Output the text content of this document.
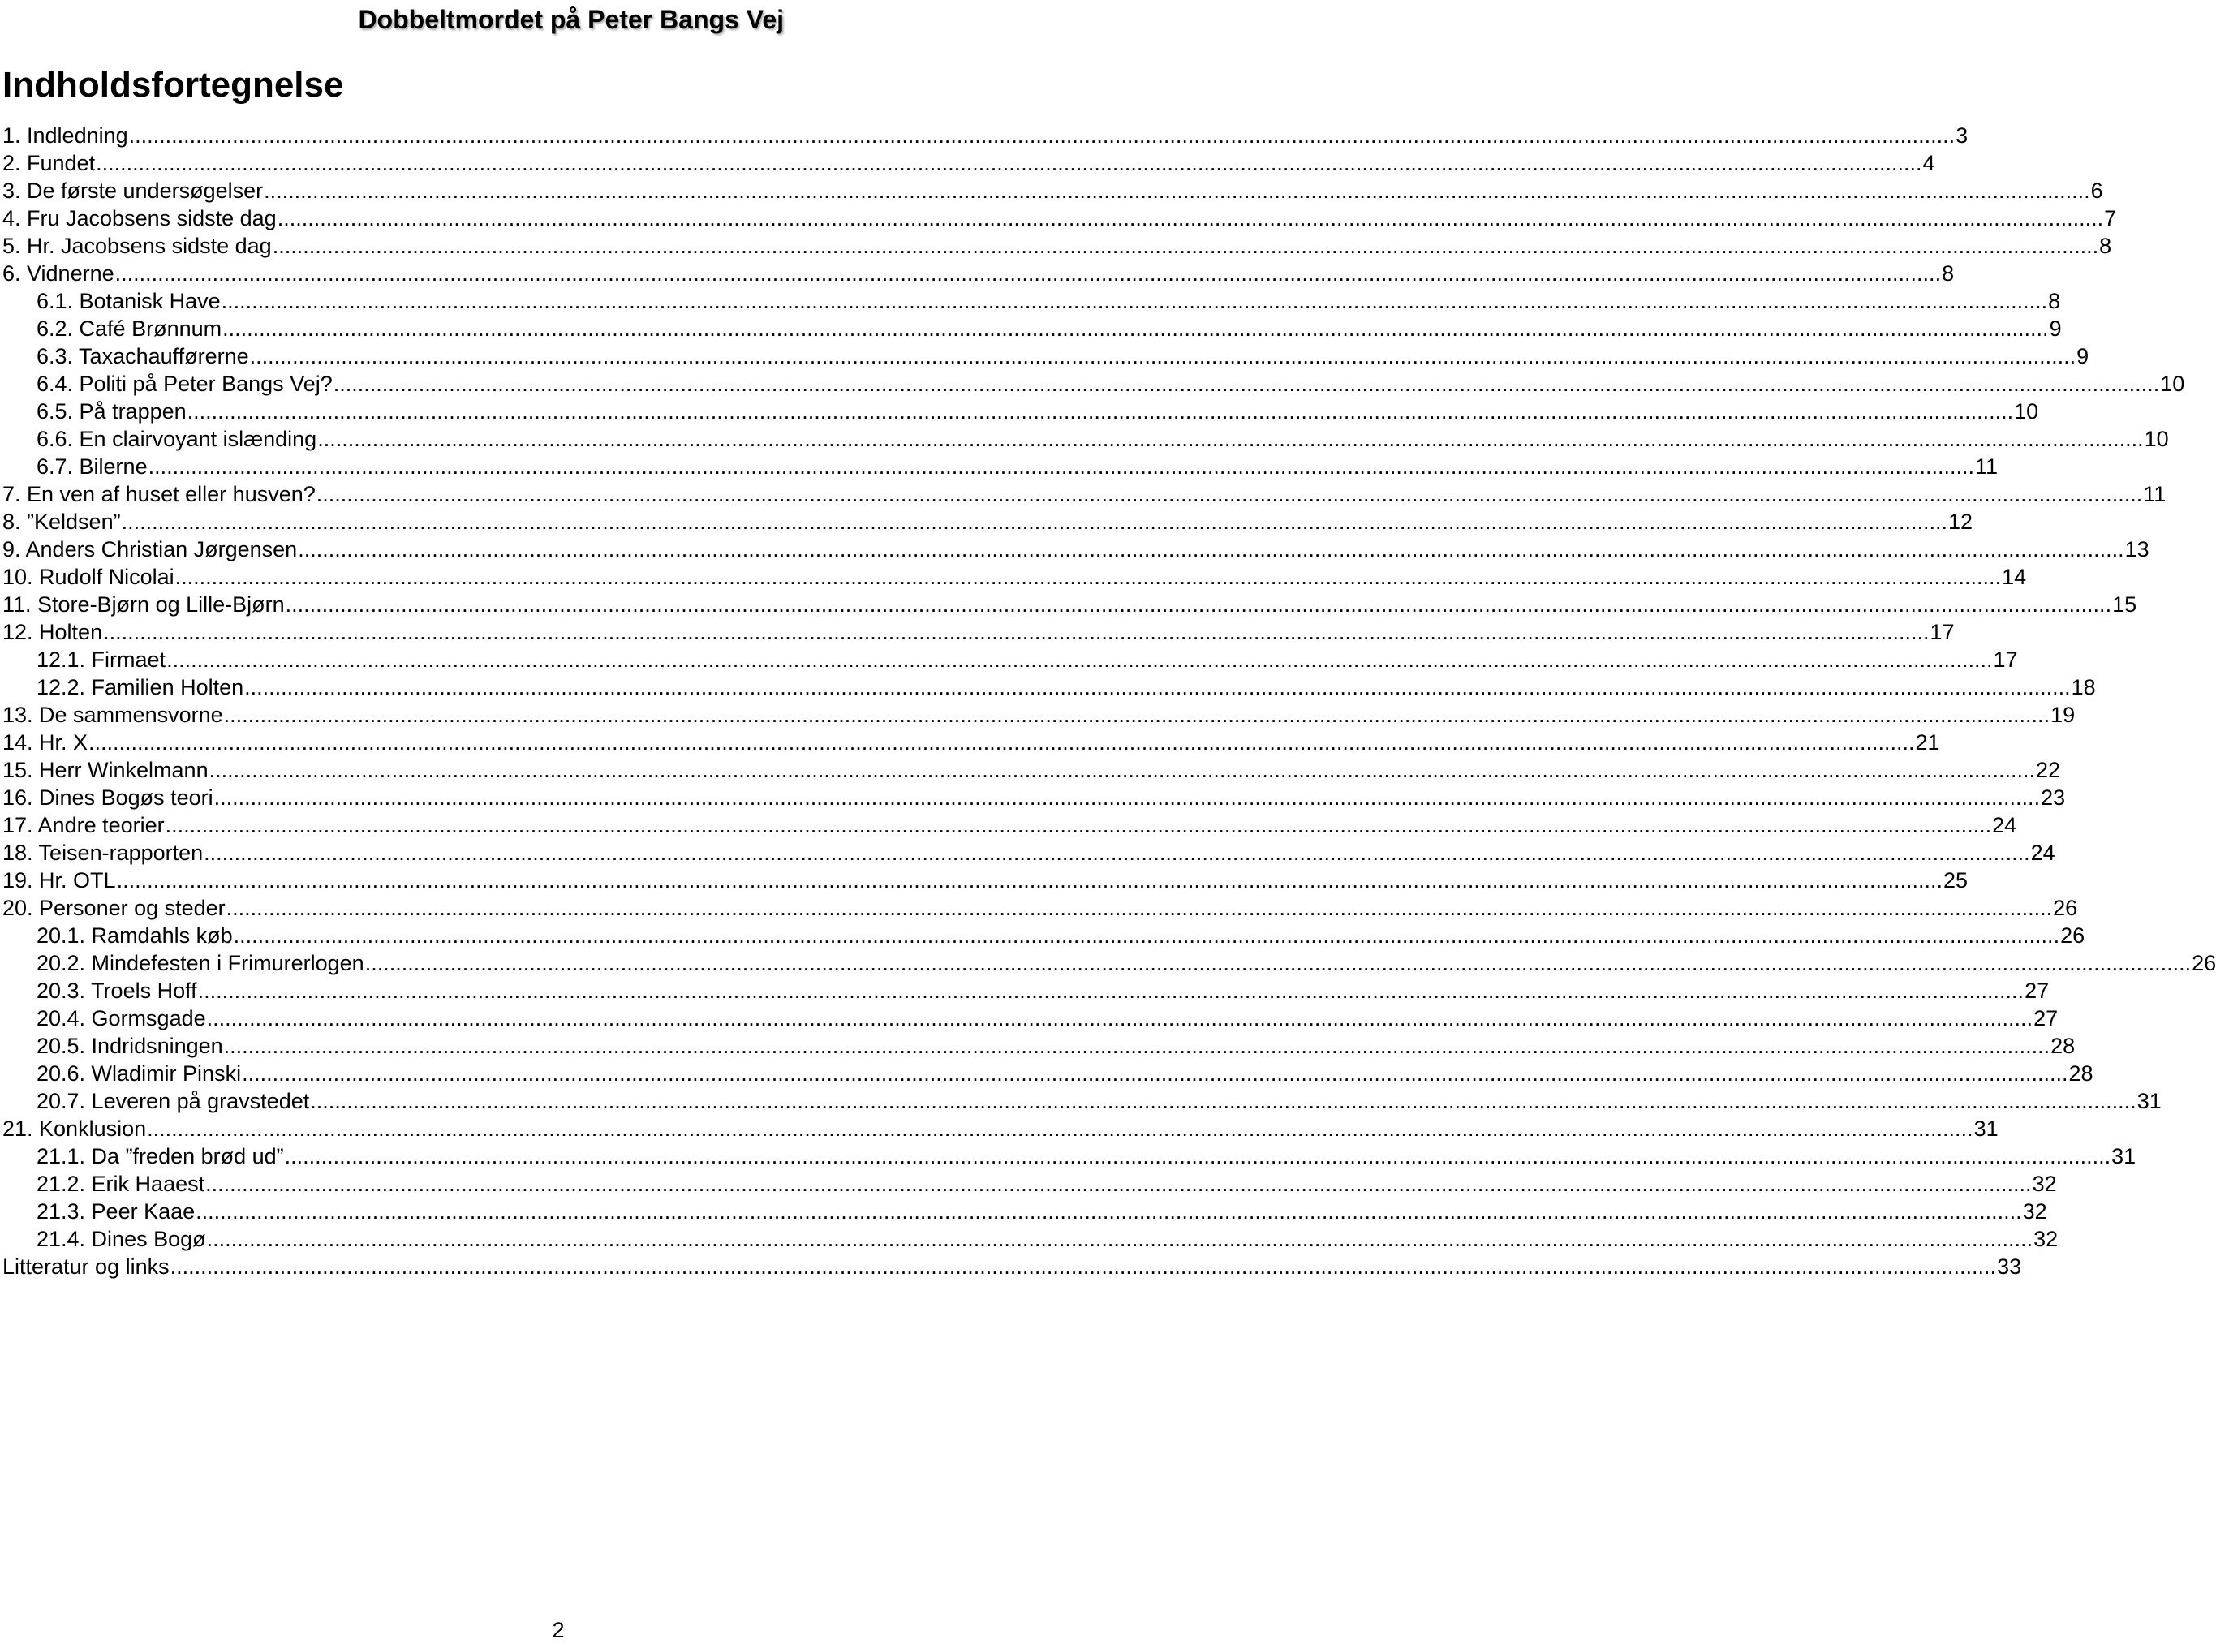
Dobbeltmordet på Peter Bangs Vej
Indholdsfortegnelse
1. Indledning ............................................................................................................................................................................................................................................................................................................ 3
2. Fundet ............................................................................................................................................................................................................................................................................................................ 4
3. De første undersøgelser ............................................................................................................................................................................................................................................................................................................ 6
4. Fru Jacobsens sidste dag ............................................................................................................................................................................................................................................................................................................ 7
5. Hr. Jacobsens sidste dag ............................................................................................................................................................................................................................................................................................................ 8
6. Vidnerne ............................................................................................................................................................................................................................................................................................................ 8
6.1. Botanisk Have ............................................................................................................................................................................................................................................................................................................ 8
6.2. Café Brønnum ............................................................................................................................................................................................................................................................................................................ 9
6.3. Taxachaufførerne ............................................................................................................................................................................................................................................................................................................ 9
6.4. Politi på Peter Bangs Vej? ............................................................................................................................................................................................................................................................................................................ 10
6.5. På trappen ............................................................................................................................................................................................................................................................................................................ 10
6.6. En clairvoyant islænding ............................................................................................................................................................................................................................................................................................................ 10
6.7. Bilerne ............................................................................................................................................................................................................................................................................................................ 11
7. En ven af huset eller husven? ............................................................................................................................................................................................................................................................................................................ 11
8. ”Keldsen” ............................................................................................................................................................................................................................................................................................................ 12
9. Anders Christian Jørgensen ............................................................................................................................................................................................................................................................................................................ 13
10. Rudolf Nicolai ............................................................................................................................................................................................................................................................................................................ 14
11. Store-Bjørn og Lille-Bjørn ............................................................................................................................................................................................................................................................................................................ 15
12. Holten ............................................................................................................................................................................................................................................................................................................ 17
12.1. Firmaet ............................................................................................................................................................................................................................................................................................................ 17
12.2. Familien Holten ............................................................................................................................................................................................................................................................................................................ 18
13. De sammensvorne ............................................................................................................................................................................................................................................................................................................ 19
14. Hr. X ............................................................................................................................................................................................................................................................................................................ 21
15. Herr Winkelmann ............................................................................................................................................................................................................................................................................................................ 22
16. Dines Bogøs teori ............................................................................................................................................................................................................................................................................................................ 23
17. Andre teorier ............................................................................................................................................................................................................................................................................................................ 24
18. Teisen-rapporten ............................................................................................................................................................................................................................................................................................................ 24
19. Hr. OTL ............................................................................................................................................................................................................................................................................................................ 25
20. Personer og steder ............................................................................................................................................................................................................................................................................................................ 26
20.1. Ramdahls køb ............................................................................................................................................................................................................................................................................................................ 26
20.2. Mindefesten i Frimurerlogen ............................................................................................................................................................................................................................................................................................................ 26
20.3. Troels Hoff ............................................................................................................................................................................................................................................................................................................ 27
20.4. Gormsgade ............................................................................................................................................................................................................................................................................................................ 27
20.5. Indridsningen ............................................................................................................................................................................................................................................................................................................ 28
20.6. Wladimir Pinski ............................................................................................................................................................................................................................................................................................................ 28
20.7. Leveren på gravstedet ............................................................................................................................................................................................................................................................................................................ 31
21. Konklusion ............................................................................................................................................................................................................................................................................................................ 31
21.1. Da ”freden brød ud” ............................................................................................................................................................................................................................................................................................................ 31
21.2. Erik Haaest ............................................................................................................................................................................................................................................................................................................ 32
21.3. Peer Kaae ............................................................................................................................................................................................................................................................................................................ 32
21.4. Dines Bogø ............................................................................................................................................................................................................................................................................................................ 32
Litteratur og links ............................................................................................................................................................................................................................................................................................................ 33
2
